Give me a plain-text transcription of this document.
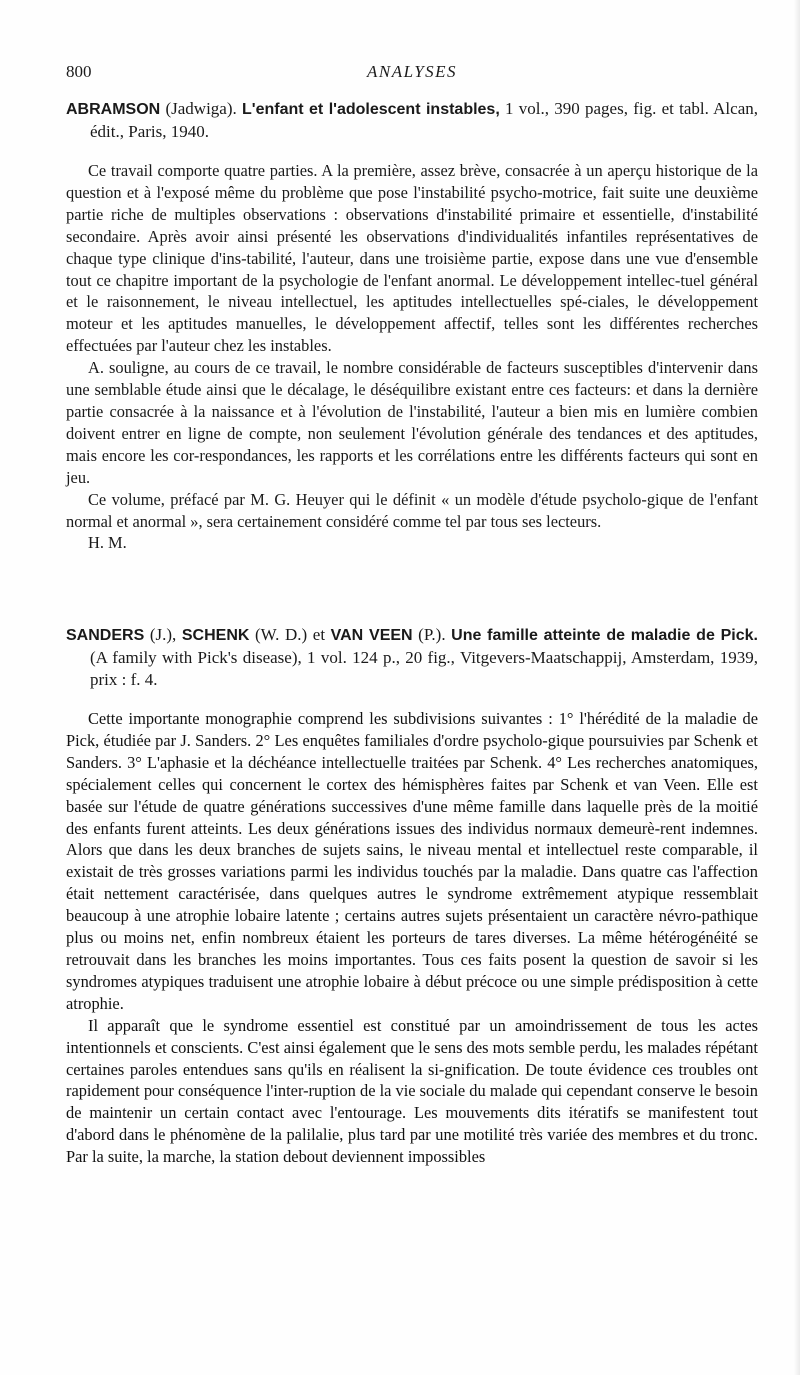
800	ANALYSES

ABRAMSON (Jadwiga). L'enfant et l'adolescent instables, 1 vol., 390 pages, fig. et tabl. Alcan, édit., Paris, 1940.

Ce travail comporte quatre parties. A la première, assez brève, consacrée à un aperçu historique de la question et à l'exposé même du problème que pose l'instabilité psycho-motrice, fait suite une deuxième partie riche de multiples observations : observations d'instabilité primaire et essentielle, d'instabilité secondaire. Après avoir ainsi présenté les observations d'individualités infantiles représentatives de chaque type clinique d'ins-tabilité, l'auteur, dans une troisième partie, expose dans une vue d'ensemble tout ce chapitre important de la psychologie de l'enfant anormal. Le développement intellec-tuel général et le raisonnement, le niveau intellectuel, les aptitudes intellectuelles spé-ciales, le développement moteur et les aptitudes manuelles, le développement affectif, telles sont les différentes recherches effectuées par l'auteur chez les instables.

A. souligne, au cours de ce travail, le nombre considérable de facteurs susceptibles d'intervenir dans une semblable étude ainsi que le décalage, le déséquilibre existant entre ces facteurs: et dans la dernière partie consacrée à la naissance et à l'évolution de l'instabilité, l'auteur a bien mis en lumière combien doivent entrer en ligne de compte, non seulement l'évolution générale des tendances et des aptitudes, mais encore les cor-respondances, les rapports et les corrélations entre les différents facteurs qui sont en jeu.

Ce volume, préfacé par M. G. Heuyer qui le définit « un modèle d'étude psycholo-gique de l'enfant normal et anormal », sera certainement considéré comme tel par tous ses lecteurs.

H. M.

SANDERS (J.), SCHENK (W. D.) et VAN VEEN (P.). Une famille atteinte de maladie de Pick. (A family with Pick's disease), 1 vol. 124 p., 20 fig., Vitgevers-Maatschappij, Amsterdam, 1939, prix : f. 4.

Cette importante monographie comprend les subdivisions suivantes : 1° l'hérédité de la maladie de Pick, étudiée par J. Sanders. 2° Les enquêtes familiales d'ordre psycholo-gique poursuivies par Schenk et Sanders. 3° L'aphasie et la déchéance intellectuelle traitées par Schenk. 4° Les recherches anatomiques, spécialement celles qui concernent le cortex des hémisphères faites par Schenk et van Veen. Elle est basée sur l'étude de quatre générations successives d'une même famille dans laquelle près de la moitié des enfants furent atteints. Les deux générations issues des individus normaux demeurè-rent indemnes. Alors que dans les deux branches de sujets sains, le niveau mental et intellectuel reste comparable, il existait de très grosses variations parmi les individus touchés par la maladie. Dans quatre cas l'affection était nettement caractérisée, dans quelques autres le syndrome extrêmement atypique ressemblait beaucoup à une atrophie lobaire latente ; certains autres sujets présentaient un caractère névro-pathique plus ou moins net, enfin nombreux étaient les porteurs de tares diverses. La même hétérogénéité se retrouvait dans les branches les moins importantes. Tous ces faits posent la question de savoir si les syndromes atypiques traduisent une atrophie lobaire à début précoce ou une simple prédisposition à cette atrophie.

Il apparaît que le syndrome essentiel est constitué par un amoindrissement de tous les actes intentionnels et conscients. C'est ainsi également que le sens des mots semble perdu, les malades répétant certaines paroles entendues sans qu'ils en réalisent la si-gnification. De toute évidence ces troubles ont rapidement pour conséquence l'inter-ruption de la vie sociale du malade qui cependant conserve le besoin de maintenir un certain contact avec l'entourage. Les mouvements dits itératifs se manifestent tout d'abord dans le phénomène de la palilalie, plus tard par une motilité très variée des membres et du tronc. Par la suite, la marche, la station debout deviennent impossibles
